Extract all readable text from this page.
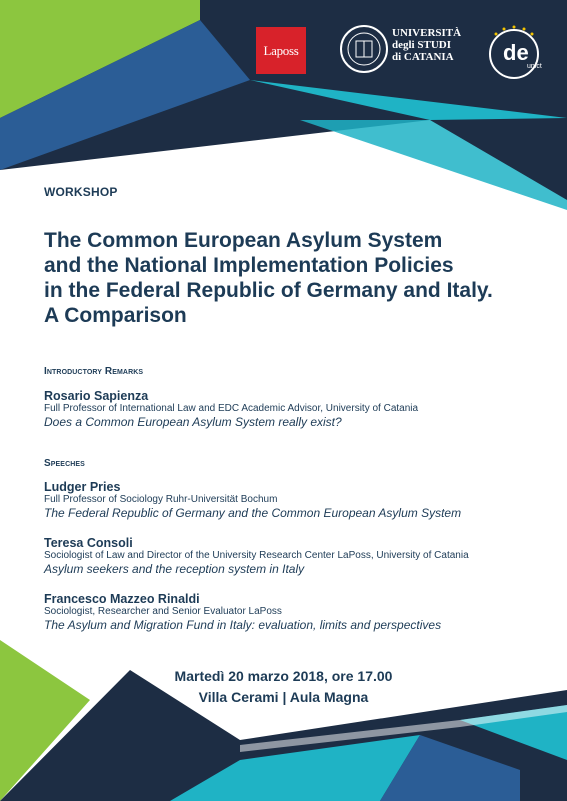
Laposs
UNIVERSITÀ
degli STUDI
di CATANIA	de
unict
WORKSHOP
The Common European Asylum System
and the National Implementation Policies
in the Federal Republic of Germany and Italy.
A Comparison
Introductory Remarks
Rosario Sapienza
Full Professor of International Law and EDC Academic Advisor, University of Catania
Does a Common European Asylum System really exist?
Speeches
Ludger Pries
Full Professor of Sociology Ruhr-Universität Bochum
The Federal Republic of Germany and the Common European Asylum System
Teresa Consoli
Sociologist of Law and Director of the University Research Center LaPoss, University of Catania
Asylum seekers and the reception system in Italy
Francesco Mazzeo Rinaldi
Sociologist, Researcher and Senior Evaluator LaPoss
The Asylum and Migration Fund in Italy: evaluation, limits and perspectives
Martedì 20 marzo 2018, ore 17.00
Villa Cerami | Aula Magna
